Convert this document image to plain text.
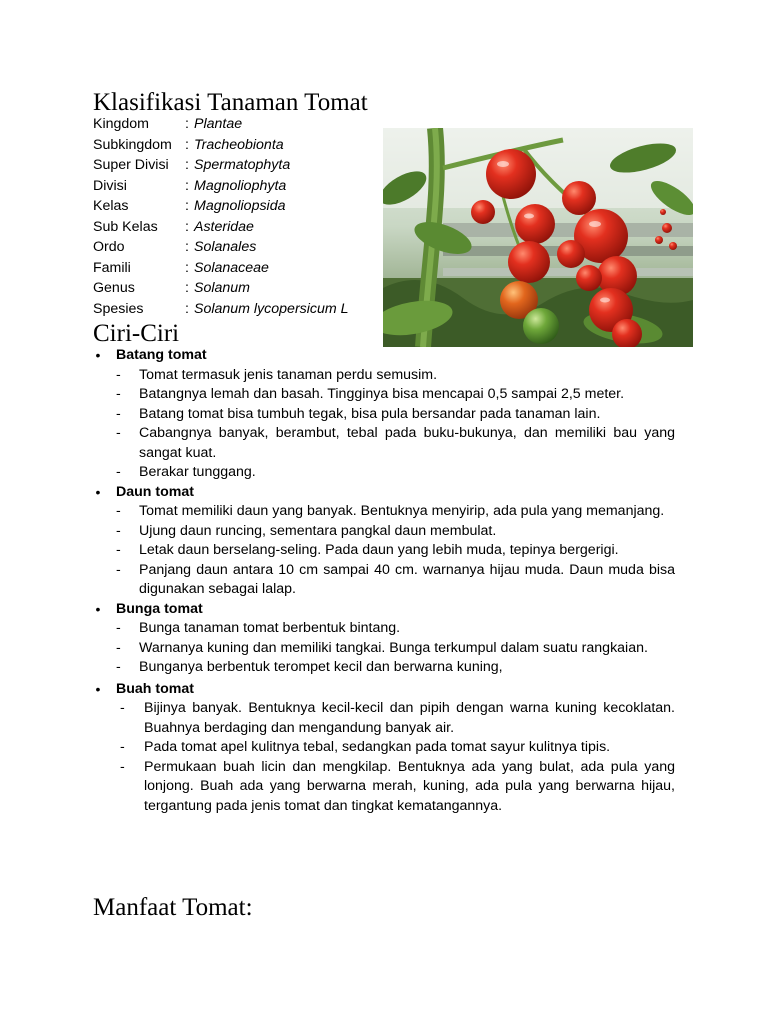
Klasifikasi Tanaman Tomat
Kingdom	: Plantae
Subkingdom : Tracheobionta
Super Divisi : Spermatophyta
Divisi	: Magnoliophyta
Kelas	: Magnoliopsida
Sub Kelas : Asteridae
Ordo	: Solanales
Famili	: Solanaceae
Genus	: Solanum
Spesies	: Solanum lycopersicum L
Ciri-Ciri
• Batang tomat
- Tomat termasuk jenis tanaman perdu semusim.
- Batangnya lemah dan basah. Tingginya bisa mencapai 0,5 sampai 2,5 meter.
- Batang tomat bisa tumbuh tegak, bisa pula bersandar pada tanaman lain.
- Cabangnya banyak, berambut, tebal pada buku-bukunya, dan memiliki bau yang sangat kuat.
- Berakar tunggang.
• Daun tomat
- Tomat memiliki daun yang banyak. Bentuknya menyirip, ada pula yang memanjang.
- Ujung daun runcing, sementara pangkal daun membulat.
- Letak daun berselang-seling. Pada daun yang lebih muda, tepinya bergerigi.
- Panjang daun antara 10 cm sampai 40 cm. warnanya hijau muda. Daun muda bisa digunakan sebagai lalap.
• Bunga tomat
- Bunga tanaman tomat berbentuk bintang.
- Warnanya kuning dan memiliki tangkai. Bunga terkumpul dalam suatu rangkaian.
- Bunganya berbentuk terompet kecil dan berwarna kuning,
• Buah tomat
- Bijinya banyak. Bentuknya kecil-kecil dan pipih dengan warna kuning kecoklatan. Buahnya berdaging dan mengandung banyak air.
- Pada tomat apel kulitnya tebal, sedangkan pada tomat sayur kulitnya tipis.
- Permukaan buah licin dan mengkilap. Bentuknya ada yang bulat, ada pula yang lonjong. Buah ada yang berwarna merah, kuning, ada pula yang berwarna hijau, tergantung pada jenis tomat dan tingkat kematangannya.
Manfaat Tomat:
